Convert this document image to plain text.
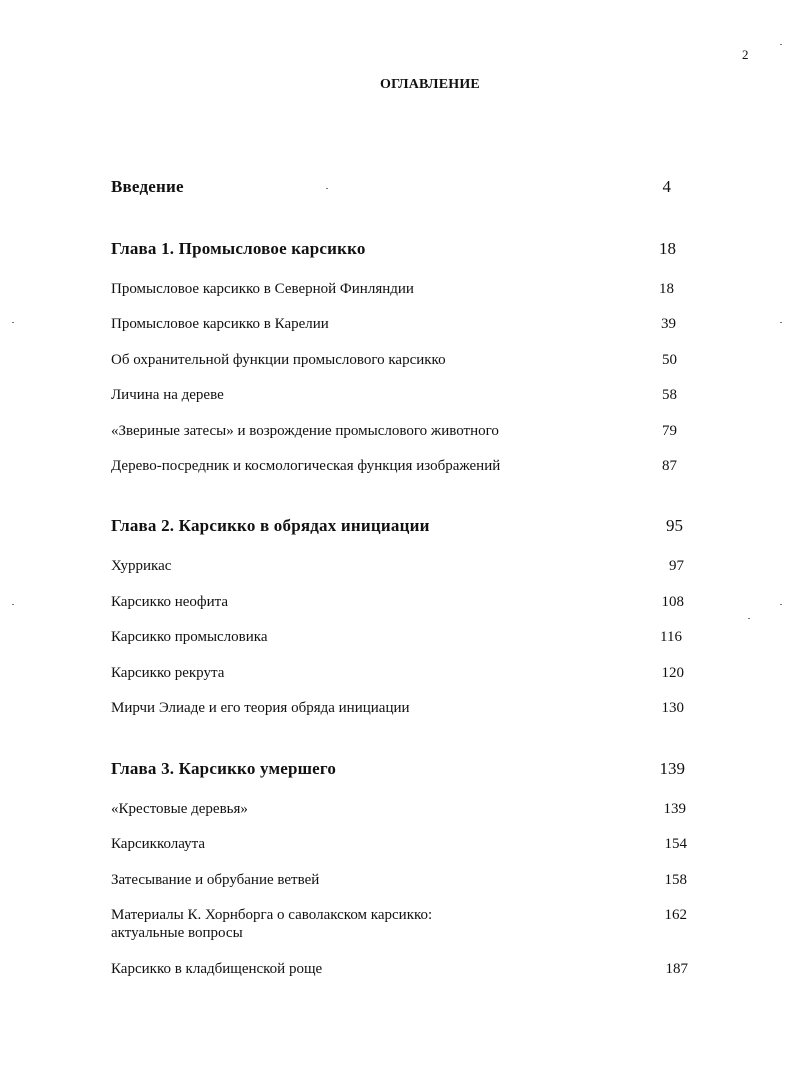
2
ОГЛАВЛЕНИЕ
Введение	4
Глава 1. Промысловое карсикко	18
Промысловое карсикко в Северной Финляндии	18
Промысловое карсикко в Карелии	39
Об охранительной функции промыслового карсикко	50
Личина на дереве	58
«Звериные затесы» и возрождение промыслового животного	79
Дерево-посредник и космологическая функция изображений	87
Глава 2. Карсикко в обрядах инициации	95
Хуррикас	97
Карсикко неофита	108
Карсикко промысловика	116
Карсикко рекрута	120
Мирчи Элиаде и его теория обряда инициации	130
Глава 3. Карсикко умершего	139
«Крестовые деревья»	139
Карсикколаута	154
Затесывание и обрубание ветвей	158
Материалы К. Хорнборга о саволакском карсикко:	162
актуальные вопросы
Карсикко в кладбищенской роще	187
